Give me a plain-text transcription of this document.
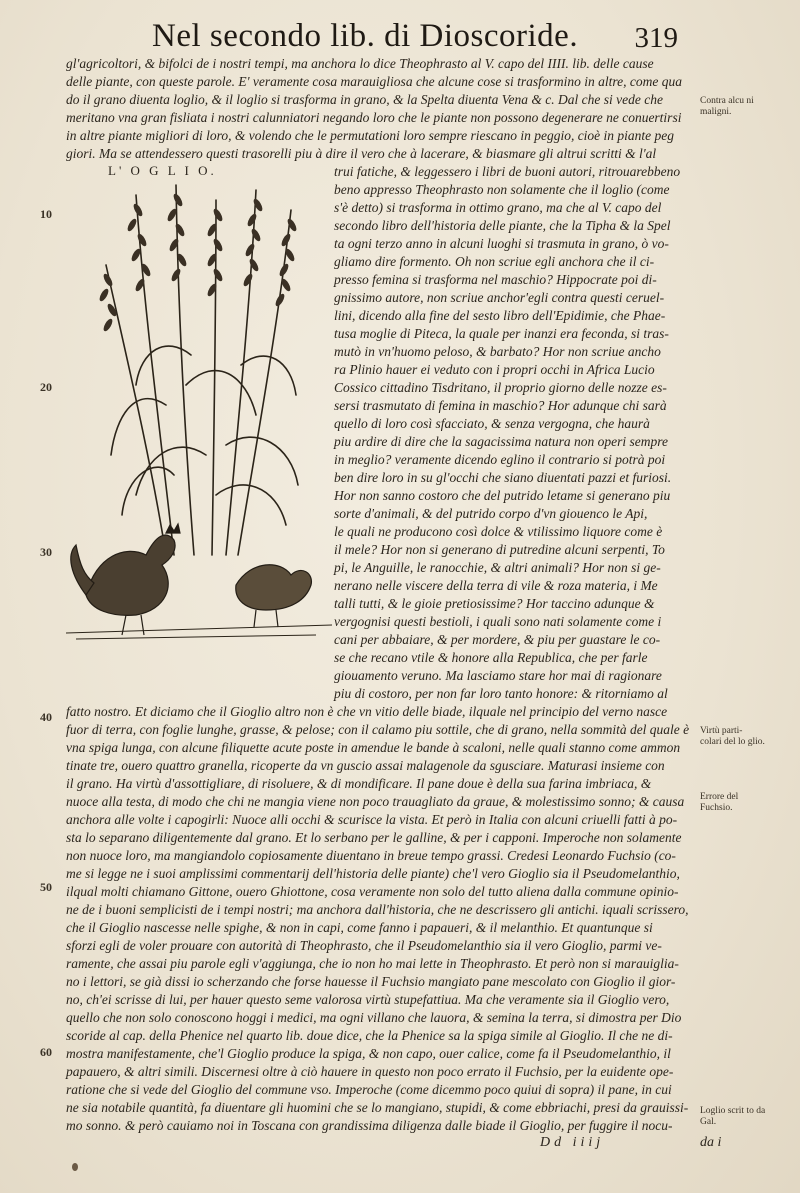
Nel secondo lib. di Dioscoride. 319
L' O G L I O.
10
20
30
40
50
60
gl'agricoltori, & bifolci de i nostri tempi, ma anchora lo dice Theophrasto al V. capo del IIII. lib. delle cause
delle piante, con queste parole. E' veramente cosa marauigliosa che alcune cose si trasformino in altre, come qua
do il grano diuenta loglio, & il loglio si trasforma in grano, & la Spelta diuenta Vena & c. Dal che si vede che
meritano vna gran fisliata i nostri calunniatori negando loro che le piante non possono degenerare ne conuertirsi
in altre piante migliori di loro, & volendo che le permutationi loro sempre riescano in peggio, cioè in piante peg
giori. Ma se attendessero questi trasorelli piu à dire il vero che à lacerare, & biasmare gli altrui scritti & l'al
trui fatiche, & leggessero i libri de buoni autori, ritrouarebbeno
beno appresso Theophrasto non solamente che il loglio (come
s'è detto) si trasforma in ottimo grano, ma che al V. capo del
secondo libro dell'historia delle piante, che la Tipha & la Spel
ta ogni terzo anno in alcuni luoghi si trasmuta in grano, ò vo-
gliamo dire formento. Oh non scriue egli anchora che il ci-
presso femina si trasforma nel maschio? Hippocrate poi di-
gnissimo autore, non scriue anchor'egli contra questi ceruel-
lini, dicendo alla fine del sesto libro dell'Epidimie, che Phae-
tusa moglie di Piteca, la quale per inanzi era feconda, si tras-
mutò in vn'huomo peloso, & barbato? Hor non scriue ancho
ra Plinio hauer ei veduto con i propri occhi in Africa Lucio
Cossico cittadino Tisdritano, il proprio giorno delle nozze es-
sersi trasmutato di femina in maschio? Hor adunque chi sarà
quello di loro così sfacciato, & senza vergogna, che haurà
piu ardire di dire che la sagacissima natura non operi sempre
in meglio? veramente dicendo eglino il contrario si potrà poi
ben dire loro in su gl'occhi che siano diuentati pazzi et furiosi.
Hor non sanno costoro che del putrido letame si generano piu
sorte d'animali, & del putrido corpo d'vn giouenco le Api,
le quali ne producono così dolce & vtilissimo liquore come è
il mele? Hor non si generano di putredine alcuni serpenti, To
pi, le Anguille, le ranocchie, & altri animali? Hor non si ge-
nerano nelle viscere della terra di vile & roza materia, i Me
talli tutti, & le gioie pretiosissime? Hor taccino adunque &
vergognisi questi bestioli, i quali sono nati solamente come i
cani per abbaiare, & per mordere, & piu per guastare le co-
se che recano vtile & honore alla Republica, che per farle
giouamento veruno. Ma lasciamo stare hor mai di ragionare
piu di costoro, per non far loro tanto honore: & ritorniamo al
fatto nostro. Et diciamo che il Gioglio altro non è che vn vitio delle biade, ilquale nel principio del verno nasce
fuor di terra, con foglie lunghe, grasse, & pelose; con il calamo piu sottile, che di grano, nella sommità del quale è
vna spiga lunga, con alcune filiquette acute poste in amendue le bande à scaloni, nelle quali stanno come ammon
tinate tre, ouero quattro granella, ricoperte da vn guscio assai malagenole da sgusciare. Maturasi insieme con
il grano. Ha virtù d'assottigliare, di risoluere, & di mondificare. Il pane doue è della sua farina imbriaca, &
nuoce alla testa, di modo che chi ne mangia viene non poco trauagliato da graue, & molestissimo sonno; & causa
anchora alle volte i capogirli: Nuoce alli occhi & scurisce la vista. Et però in Italia con alcuni criuelli fatti à po-
sta lo separano diligentemente dal grano. Et lo serbano per le galline, & per i capponi. Imperoche non solamente
non nuoce loro, ma mangiandolo copiosamente diuentano in breue tempo grassi. Credesi Leonardo Fuchsio (co-
me si legge ne i suoi amplissimi commentarij dell'historia delle piante) che'l vero Gioglio sia il Pseudomelanthio,
ilqual molti chiamano Gittone, ouero Ghiottone, cosa veramente non solo del tutto aliena dalla commune opinio-
ne de i buoni semplicisti de i tempi nostri; ma anchora dall'historia, che ne descrissero gli antichi. iquali scrissero,
che il Gioglio nascesse nelle spighe, & non in capi, come fanno i papaueri, & il melanthio. Et quantunque si
sforzi egli de voler prouare con autorità di Theophrasto, che il Pseudomelanthio sia il vero Gioglio, parmi ve-
ramente, che assai piu parole egli v'aggiunga, che io non ho mai lette in Theophrasto. Et però non si marauiglia-
no i lettori, se già dissi io scherzando che forse hauesse il Fuchsio mangiato pane mescolato con Gioglio il gior-
no, ch'ei scrisse di lui, per hauer questo seme valorosa virtù stupefattiua. Ma che veramente sia il Gioglio vero,
quello che non solo conoscono hoggi i medici, ma ogni villano che lauora, & semina la terra, si dimostra per Dio
scoride al cap. della Phenice nel quarto lib. doue dice, che la Phenice sa la spiga simile al Gioglio. Il che ne di-
mostra manifestamente, che'l Gioglio produce la spiga, & non capo, ouer calice, come fa il Pseudomelanthio, il
papauero, & altri simili. Discernesi oltre à ciò hauere in questo non poco errato il Fuchsio, per la euidente ope-
ratione che si vede del Gioglio del commune vso. Imperoche (come dicemmo poco quiui di sopra) il pane, in cui
ne sia notabile quantità, fa diuentare gli huomini che se lo mangiano, stupidi, & come ebbriachi, presi da grauissi-
mo sonno. & però cauiamo noi in Toscana con grandissima diligenza dalle biade il Gioglio, per fuggire il nocu-
Contra alcu ni maligni.
Virtù parti- colari del lo glio.
Errore del Fuchsio.
Loglio scrit to da Gal.
Dd iiij	da i
